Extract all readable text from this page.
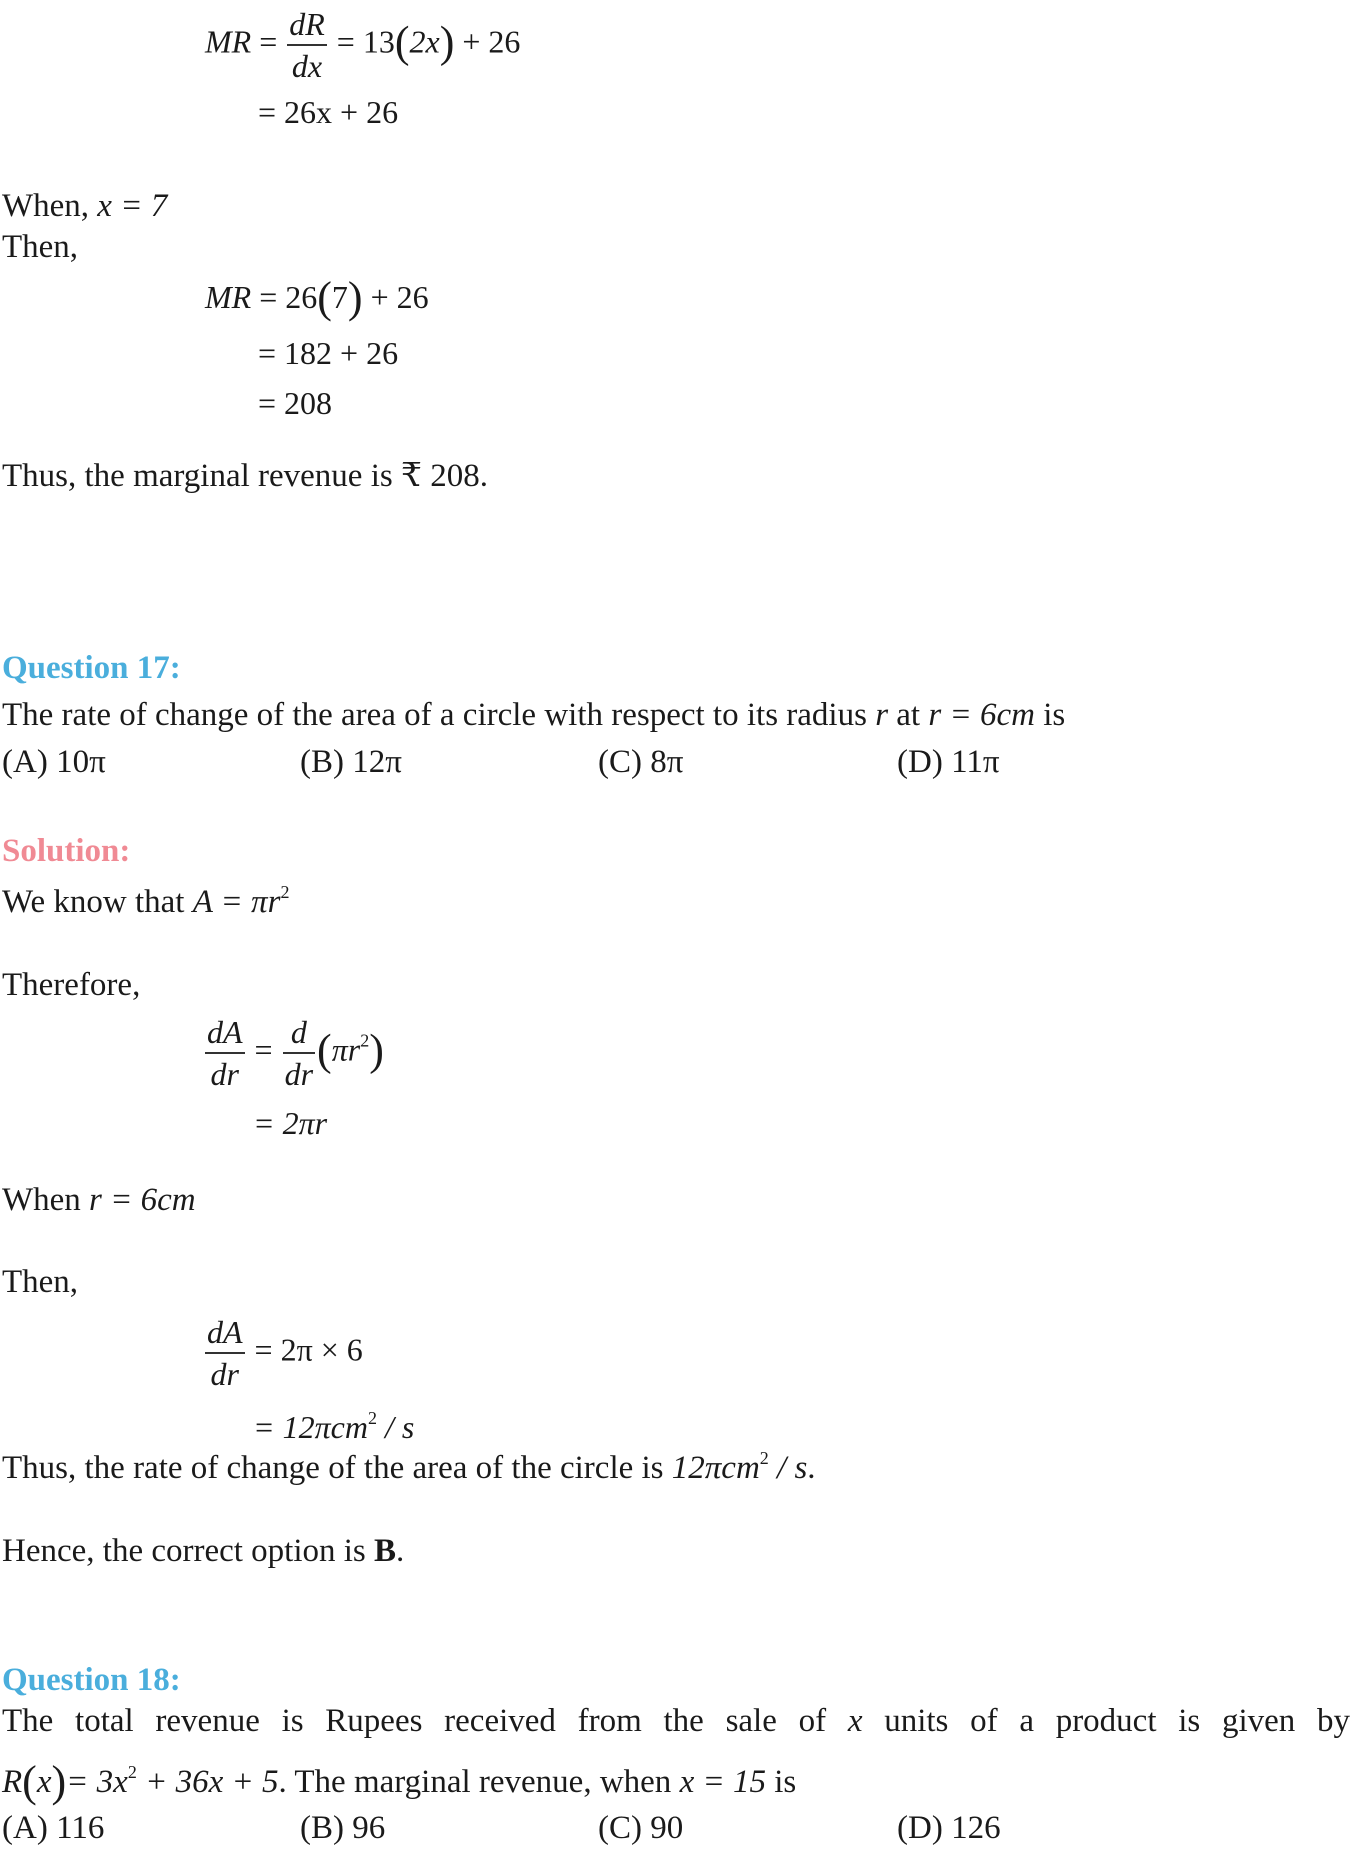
MR = $\frac{dR}{dx} = 13(2x) + 26$
= 26x + 26
When, x = 7
Then,
MR = 26(7) + 26
= 182 + 26
= 208
Thus, the marginal revenue is ₹ 208.
Question 17:
The rate of change of the area of a circle with respect to its radius r at r = 6cm is
(A) 10π	(B) 12π	(C) 8π	(D) 11π
Solution:
We know that $A = \pi r^2$
Therefore,
$\frac{dA}{dr} = \frac{d}{dr} (\pi r^2)$
= 2πr
When r = 6cm
Then,
$\frac{dA}{dr} = 2\pi \times 6$
= 12πcm$^2$ / s
Thus, the rate of change of the area of the circle is 12πcm$^2$ / s.
Hence, the correct option is B.
Question 18:
The total revenue is Rupees received from the sale of x units of a product is given by
$R(x)= 3x^2 + 36x + 5$. The marginal revenue, when x = 15 is
(A) 116	(B) 96	(C) 90	(D) 126
